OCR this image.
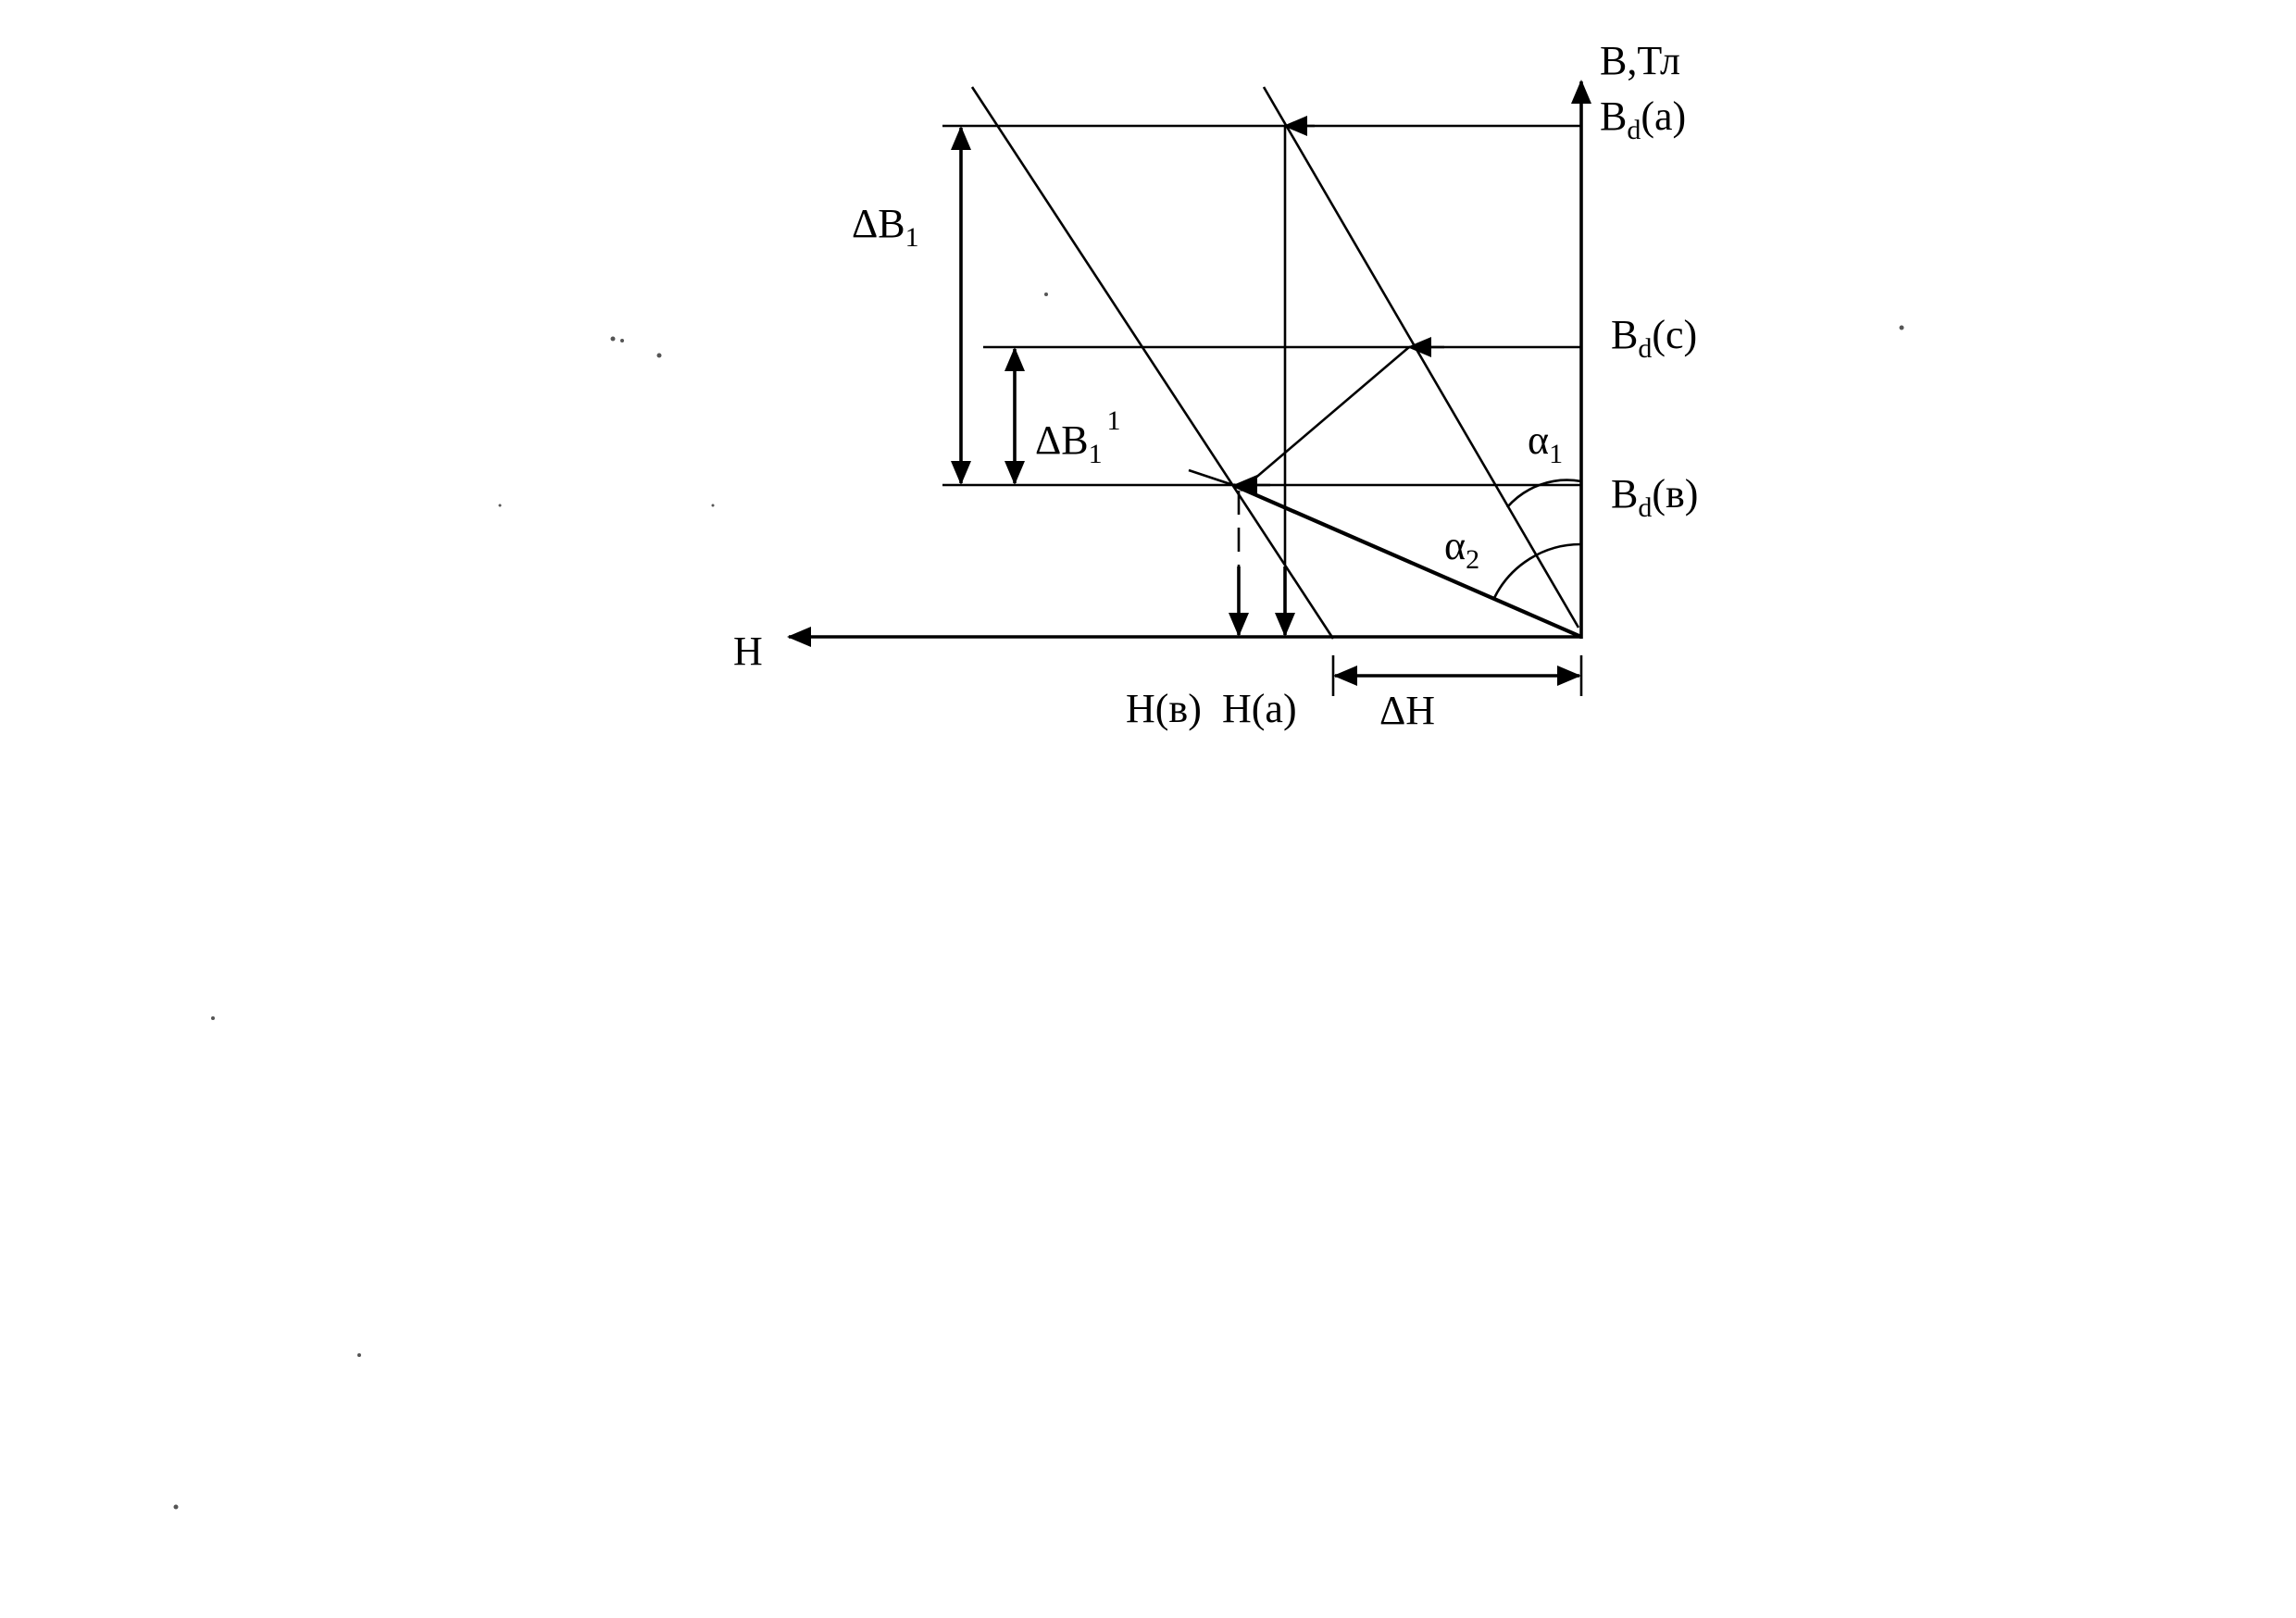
B,Тл
$B_d(a)$
$B_d(c)$
$B_d(в)$
$\alpha_1$
$\alpha_2$
$\Delta B_1$
$\Delta B_1^1$
H
H(в) H(a) ΔH
